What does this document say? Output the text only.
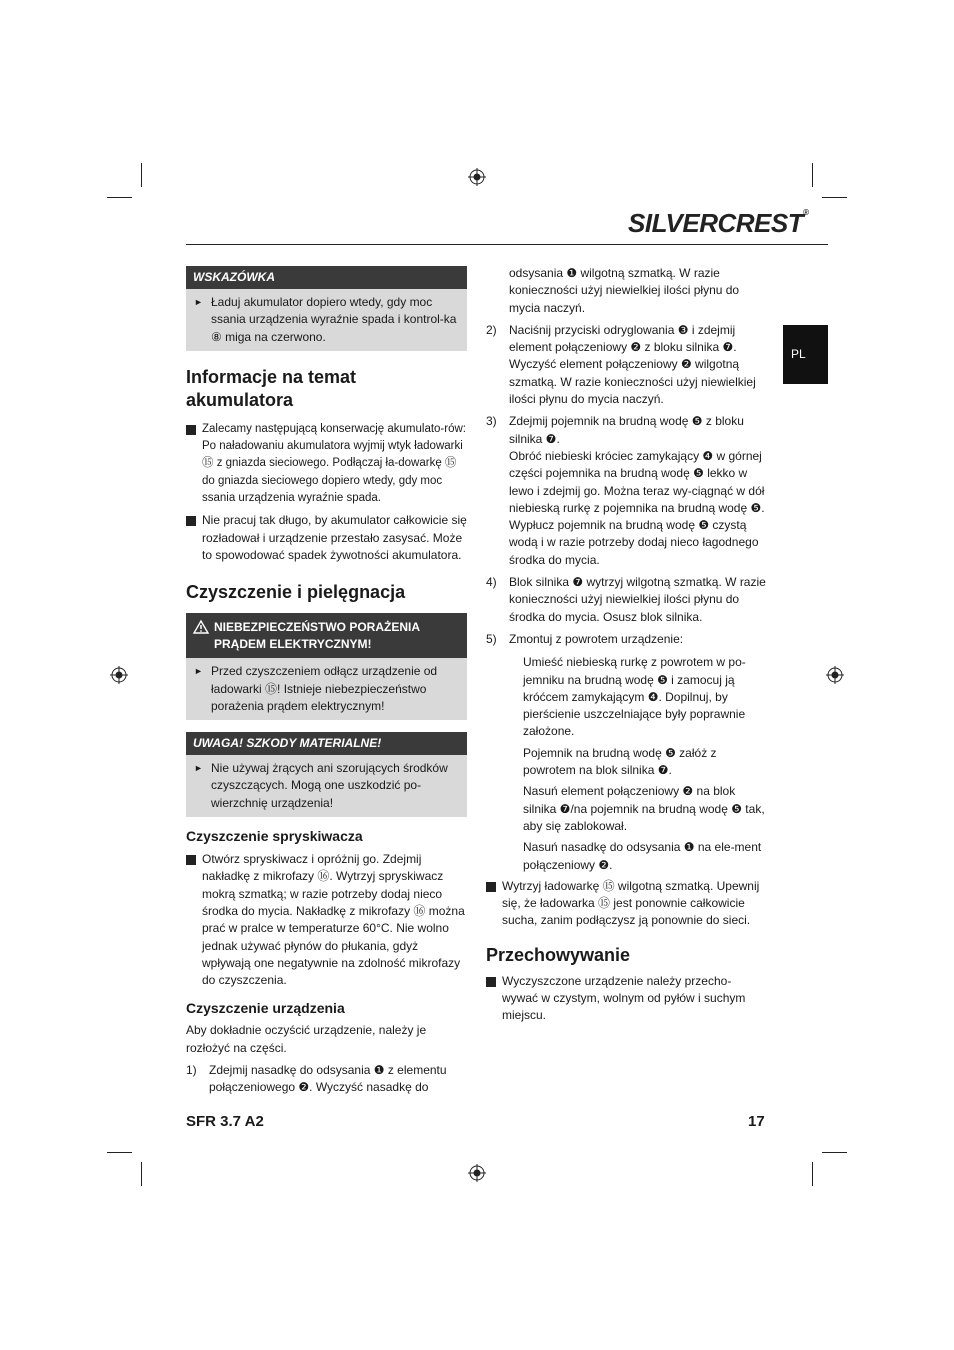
SILVERCREST®
PL
WSKAZÓWKA
► Ładuj akumulator dopiero wtedy, gdy moc ssania urządzenia wyraźnie spada i kontrol-ka ⑧ miga na czerwono.

Informacje na temat akumulatora

Zalecamy następującą konserwację akumulato-rów: Po naładowaniu akumulatora wyjmij wtyk ładowarki ⑮ z gniazda sieciowego. Podłączaj ła-dowarkę ⑮ do gniazda sieciowego dopiero wtedy, gdy moc ssania urządzenia wyraźnie spada.

Nie pracuj tak długo, by akumulator całkowicie się rozładował i urządzenie przestało zasysać. Może to spowodować spadek żywotności akumulatora.

Czyszczenie i pielęgnacja
NIEBEZPIECZEŃSTWO PORAŻENIA PRĄDEM ELEKTRYCZNYM!
► Przed czyszczeniem odłącz urządzenie od ładowarki ⑮! Istnieje niebezpieczeństwo porażenia prądem elektrycznym!

UWAGA! SZKODY MATERIALNE!
► Nie używaj żrących ani szorujących środków czyszczących. Mogą one uszkodzić po-wierzchnię urządzenia!

Czyszczenie spryskiwacza

Otwórz spryskiwacz i opróżnij go. Zdejmij nakładkę z mikrofazy ⑯. Wytrzyj spryskiwacz mokrą szmatką; w razie potrzeby dodaj nieco środka do mycia. Nakładkę z mikrofazy ⑯ można prać w pralce w temperaturze 60°C. Nie wolno jednak używać płynów do płukania, gdyż wpływają one negatywnie na zdolność mikrofazy do czyszczenia.

Czyszczenie urządzenia

Aby dokładnie oczyścić urządzenie, należy je rozłożyć na części.

1) Zdejmij nasadkę do odsysania ❶ z elementu połączeniowego ❷. Wyczyść nasadkę do

odsysania ❶ wilgotną szmatką. W razie konieczności użyj niewielkiej ilości płynu do mycia naczyń.

2) Naciśnij przyciski odryglowania ❸ i zdejmij element połączeniowy ❷ z bloku silnika ❼. Wyczyść element połączeniowy ❷ wilgotną szmatką. W razie konieczności użyj niewielkiej ilości płynu do mycia naczyń.

3) Zdejmij pojemnik na brudną wodę ❺ z bloku silnika ❼.

Obróć niebieski króciec zamykający ❹ w górnej części pojemnika na brudną wodę ❺ lekko w lewo i zdejmij go. Można teraz wy-ciągnąć w dół niebieską rurkę z pojemnika na brudną wodę ❺. Wypłucz pojemnik na brudną wodę ❺ czystą wodą i w razie potrzeby dodaj nieco łagodnego środka do mycia.

4) Blok silnika ❼ wytrzyj wilgotną szmatką. W razie konieczności użyj niewielkiej ilości płynu do środka do mycia. Osusz blok silnika.

5) Zmontuj z powrotem urządzenie:

Umieść niebieską rurkę z powrotem w po-jemniku na brudną wodę ❺ i zamocuj ją króćcem zamykającym ❹. Dopilnuj, by pierścienie uszczelniające były poprawnie założone.

Pojemnik na brudną wodę ❺ załóż z powrotem na blok silnika ❼.

Nasuń element połączeniowy ❷ na blok silnika ❼/na pojemnik na brudną wodę ❺ tak, aby się zablokował.

Nasuń nasadkę do odsysania ❶ na ele-ment połączeniowy ❷.

Wytrzyj ładowarkę ⑮ wilgotną szmatką. Upewnij się, że ładowarka ⑮ jest ponownie całkowicie sucha, zanim podłączysz ją ponownie do sieci.

Przechowywanie

Wyczyszczone urządzenie należy przecho-wywać w czystym, wolnym od pyłów i suchym miejscu.

SFR 3.7 A2	17
